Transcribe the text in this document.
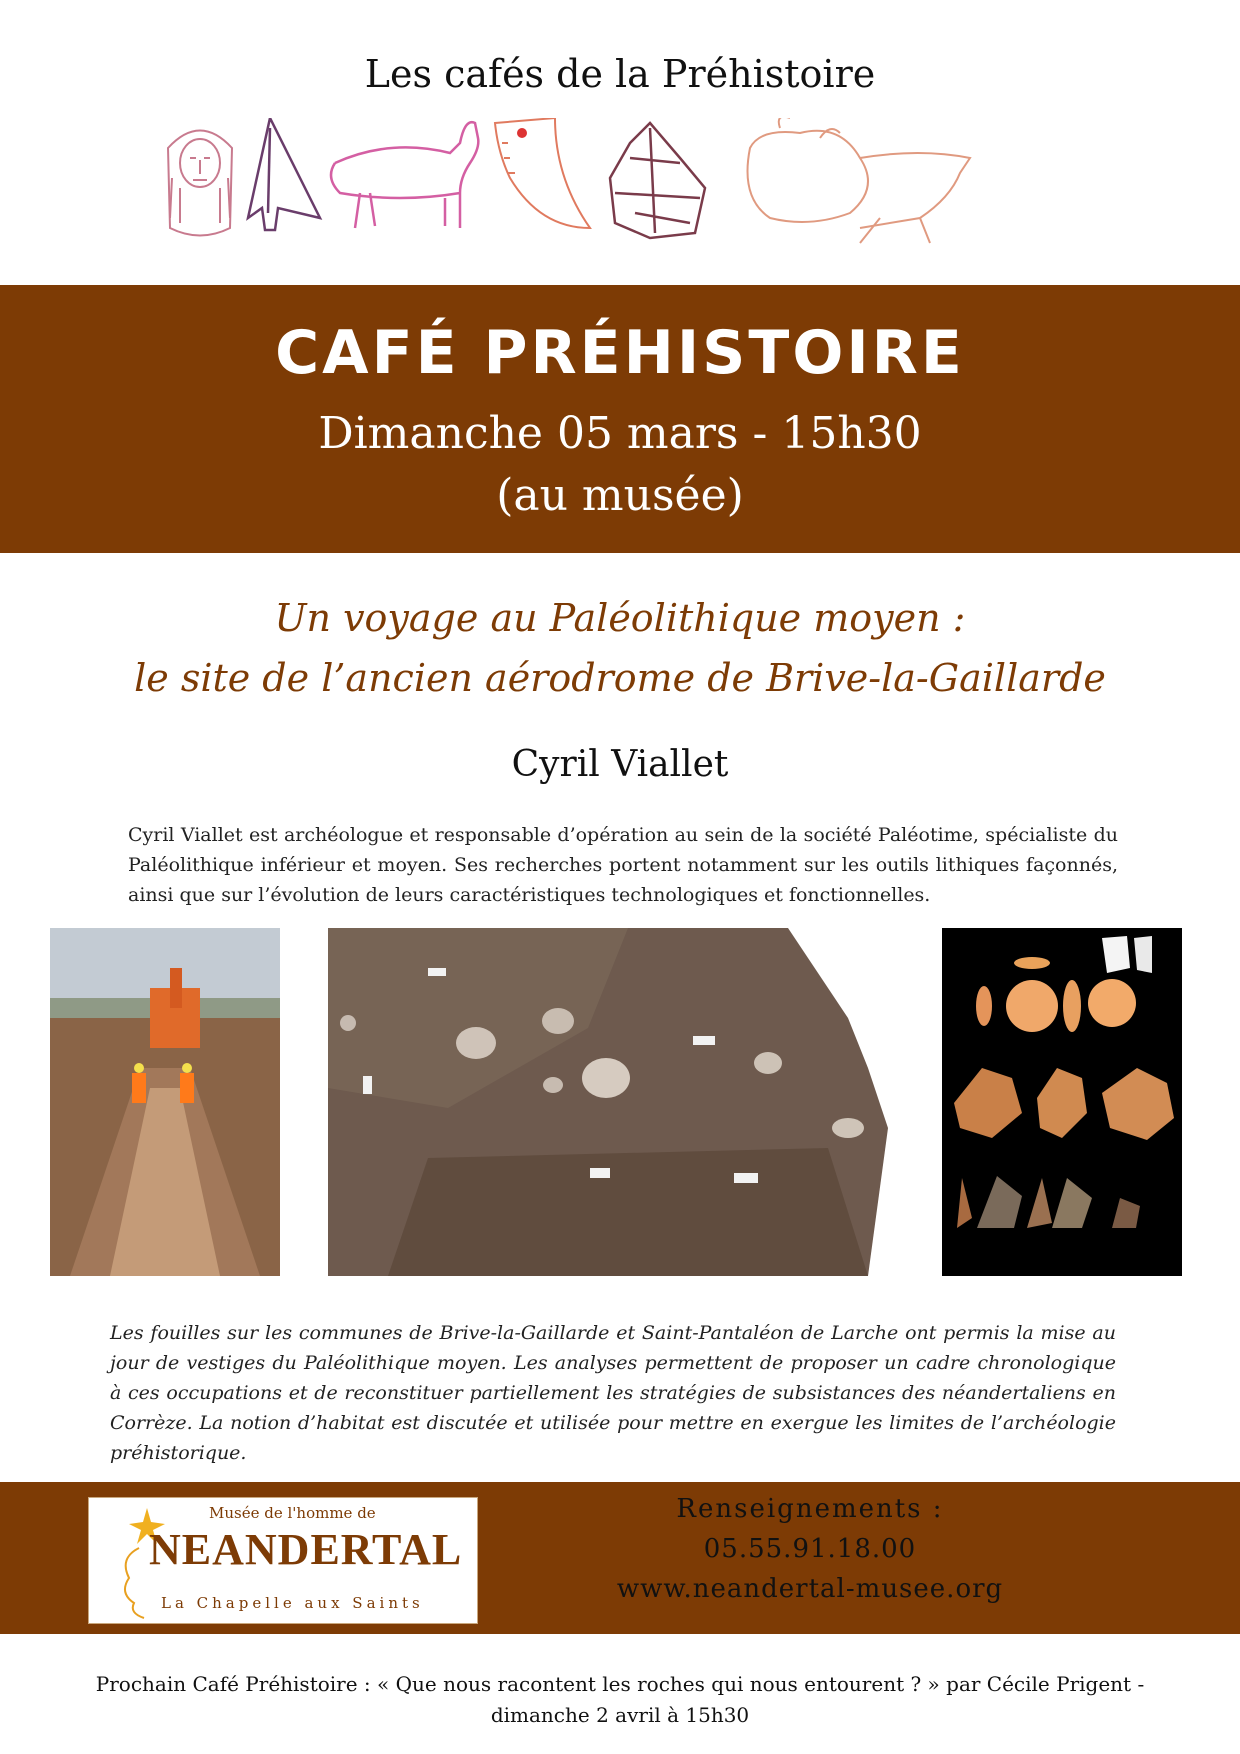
Les cafés de la Préhistoire
CAFÉ PRÉHISTOIRE
Dimanche 05 mars - 15h30
(au musée)
Un voyage au Paléolithique moyen :
le site de l’ancien aérodrome de Brive-la-Gaillarde
Cyril Viallet
Cyril Viallet est archéologue et responsable d’opération au sein de la société Paléotime, spécialiste du Paléolithique inférieur et moyen. Ses recherches portent notamment sur les outils lithiques façonnés, ainsi que sur l’évolution de leurs caractéristiques technologiques et fonctionnelles.
Les fouilles sur les communes de Brive-la-Gaillarde et Saint-Pantaléon de Larche ont permis la mise au jour de vestiges du Paléolithique moyen. Les analyses permettent de proposer un cadre chronologique à ces occupations et de reconstituer partiellement les stratégies de subsistances des néandertaliens en Corrèze. La notion d’habitat est discutée et utilisée pour mettre en exergue les limites de l’archéologie préhistorique.
Musée de l'homme de
NEANDERTAL
La Chapelle aux Saints
Renseignements :
05.55.91.18.00
www.neandertal-musee.org
Prochain Café Préhistoire : « Que nous racontent les roches qui nous entourent ? » par Cécile Prigent -
dimanche 2 avril à 15h30
